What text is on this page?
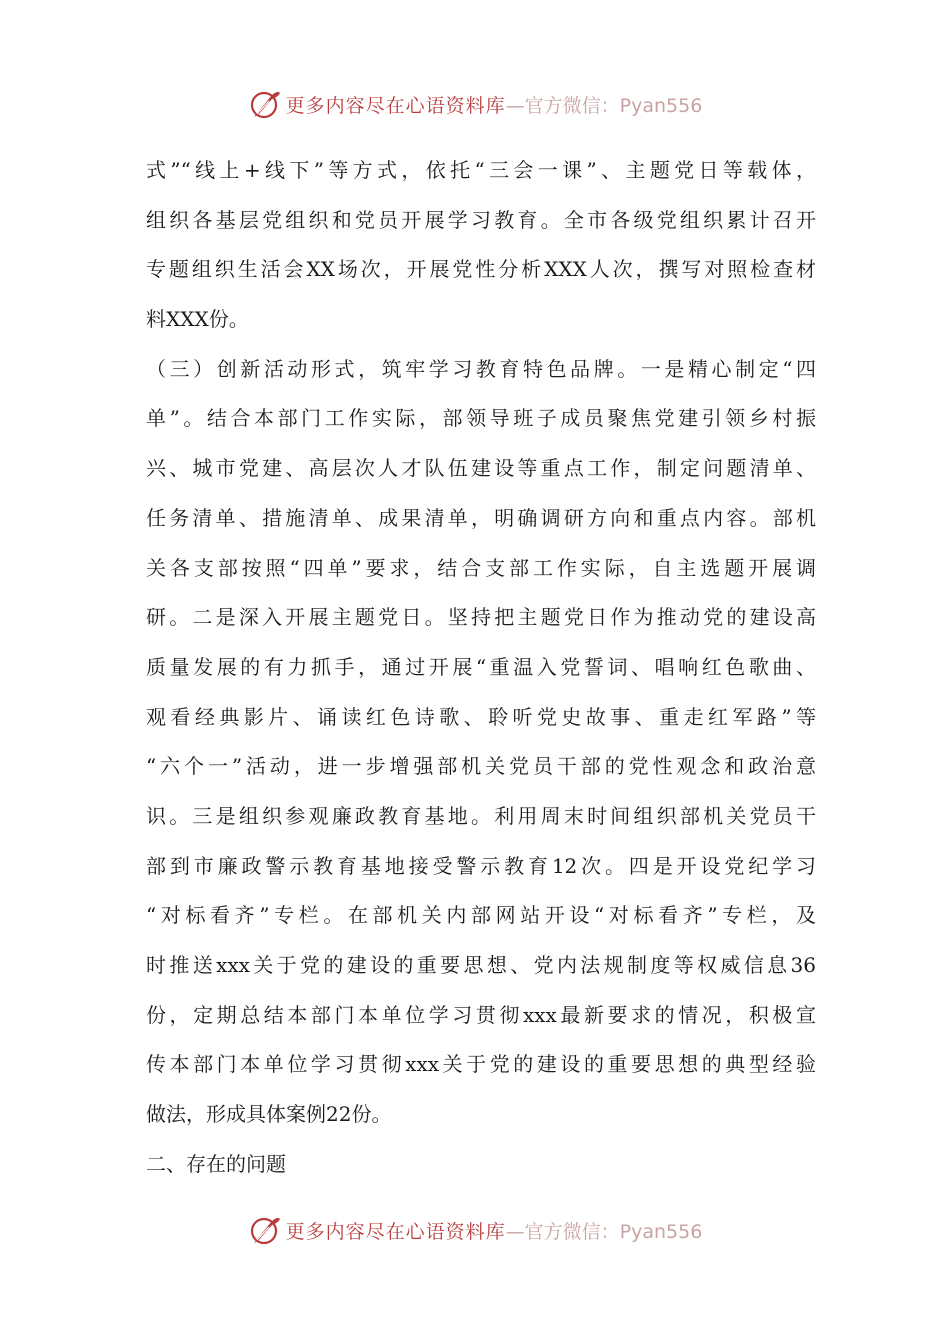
更多内容尽在心语资料库 —官方微信：Pyan556
式”“线上+线下”等方式，依托“三会一课”、主题党日等载体，
组织各基层党组织和党员开展学习教育。全市各级党组织累计召开
专题组织生活会XX场次，开展党性分析XXX人次，撰写对照检查材
料XXX份。
（三）创新活动形式，筑牢学习教育特色品牌。一是精心制定“四
单”。结合本部门工作实际，部领导班子成员聚焦党建引领乡村振
兴、城市党建、高层次人才队伍建设等重点工作，制定问题清单、
任务清单、措施清单、成果清单，明确调研方向和重点内容。部机
关各支部按照“四单”要求，结合支部工作实际，自主选题开展调
研。二是深入开展主题党日。坚持把主题党日作为推动党的建设高
质量发展的有力抓手，通过开展“重温入党誓词、唱响红色歌曲、
观看经典影片、诵读红色诗歌、聆听党史故事、重走红军路”等
“六个一”活动，进一步增强部机关党员干部的党性观念和政治意
识。三是组织参观廉政教育基地。利用周末时间组织部机关党员干
部到市廉政警示教育基地接受警示教育12次。四是开设党纪学习
“对标看齐”专栏。在部机关内部网站开设“对标看齐”专栏，及
时推送xxx关于党的建设的重要思想、党内法规制度等权威信息36
份，定期总结本部门本单位学习贯彻xxx最新要求的情况，积极宣
传本部门本单位学习贯彻xxx关于党的建设的重要思想的典型经验
做法，形成具体案例22份。
二、存在的问题
更多内容尽在心语资料库 —官方微信：Pyan556
